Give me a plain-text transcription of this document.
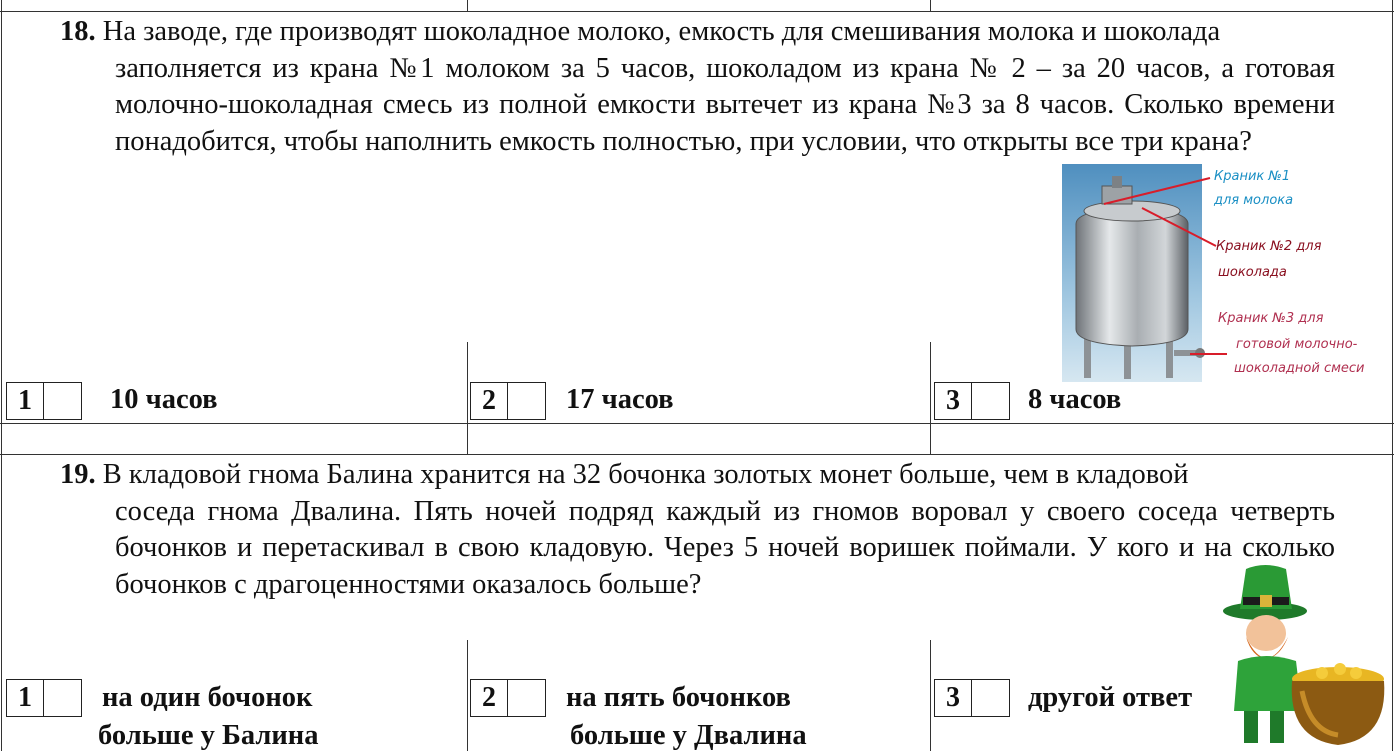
18. На заводе, где производят шоколадное молоко, емкость для смешивания молока и шоколада
заполняется из крана №1 молоком за 5 часов, шоколадом из крана № 2 – за 20 часов, а готовая молочно-шоколадная смесь из полной емкости вытечет из крана №3 за 8 часов. Сколько времени понадобится, чтобы наполнить емкость полностью, при условии, что открыты все три крана?

Краник №1
для молока
Краник №2 для
шоколада
Краник №3 для
готовой молочно-
шоколадной смеси
1	10 часов	2	17 часов	3	8 часов

19. В кладовой гнома Балина хранится на 32 бочонка золотых монет больше, чем в кладовой
соседа гнома Двалина. Пять ночей подряд каждый из гномов воровал у своего соседа четверть бочонков и перетаскивал в свою кладовую. Через 5 ночей воришек поймали. У кого и на сколько бочонков с драгоценностями оказалось больше?

1	на один бочонок
больше у Балина
2	на пять бочонков
больше у Двалина
3	другой ответ
